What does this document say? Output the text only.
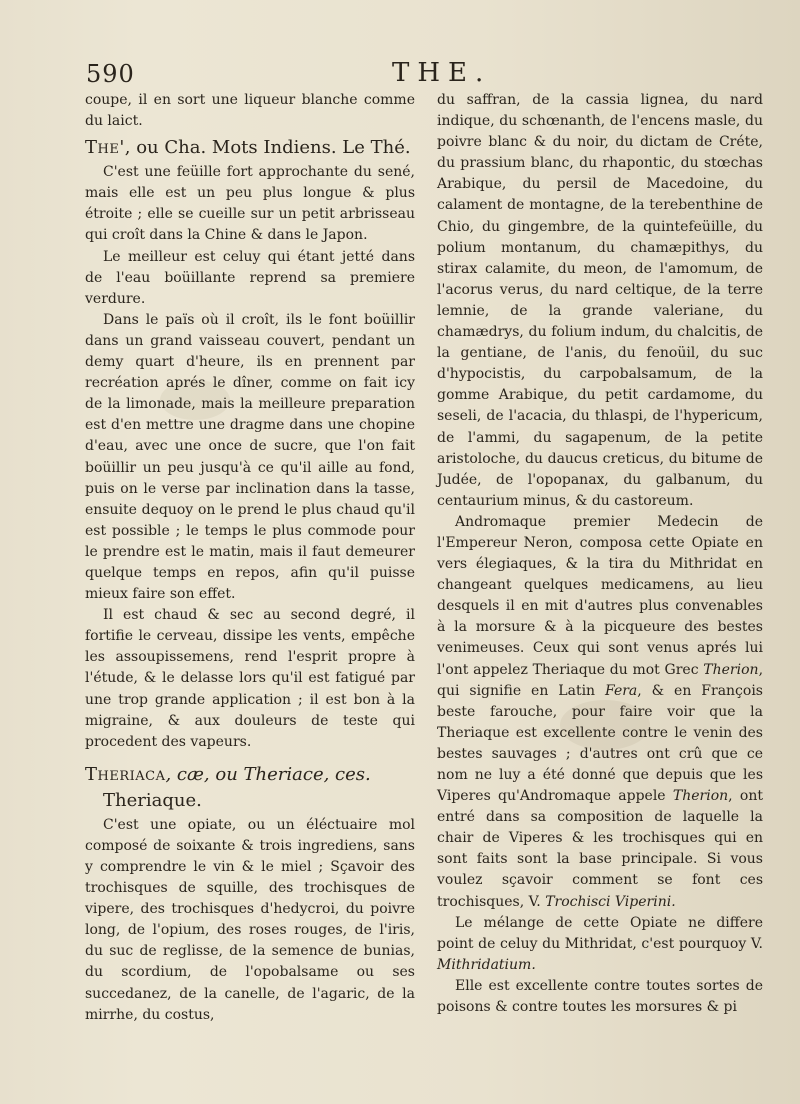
590	THE.

coupe, il en sort une liqueur blanche comme du laict.

The', ou Cha. Mots Indiens. Le Thé.

C'est une feüille fort approchante du sené, mais elle est un peu plus longue & plus étroite ; elle se cueille sur un petit arbrisseau qui croît dans la Chine & dans le Japon.

Le meilleur est celuy qui étant jetté dans de l'eau boüillante reprend sa premiere verdure.

Dans le païs où il croît, ils le font boüillir dans un grand vaisseau couvert, pendant un demy quart d'heure, ils en prennent par recréation aprés le dîner, comme on fait icy de la limonade, mais la meilleure preparation est d'en mettre une dragme dans une chopine d'eau, avec une once de sucre, que l'on fait boüillir un peu jusqu'à ce qu'il aille au fond, puis on le verse par inclination dans la tasse, ensuite dequoy on le prend le plus chaud qu'il est possible ; le temps le plus commode pour le prendre est le matin, mais il faut demeurer quelque temps en repos, afin qu'il puisse mieux faire son effet.

Il est chaud & sec au second degré, il fortifie le cerveau, dissipe les vents, empêche les assoupissemens, rend l'esprit propre à l'étude, & le delasse lors qu'il est fatigué par une trop grande application ; il est bon à la migraine, & aux douleurs de teste qui procedent des vapeurs.

Theriaca, cæ, ou Theriace, ces.

Theriaque.

C'est une opiate, ou un éléctuaire mol composé de soixante & trois ingrediens, sans y comprendre le vin & le miel ; Sçavoir des trochisques de squille, des trochisques de vipere, des trochisques d'hedycroi, du poivre long, de l'opium, des roses rouges, de l'iris, du suc de reglisse, de la semence de bunias, du scordium, de l'opobalsame ou ses succedanez, de la canelle, de l'agaric, de la mirrhe, du costus,

du saffran, de la cassia lignea, du nard indique, du schœnanth, de l'encens masle, du poivre blanc & du noir, du dictam de Créte, du prassium blanc, du rhapontic, du stœchas Arabique, du persil de Macedoine, du calament de montagne, de la terebenthine de Chio, du gingembre, de la quintefeüille, du polium montanum, du chamæpithys, du stirax calamite, du meon, de l'amomum, de l'acorus verus, du nard celtique, de la terre lemnie, de la grande valeriane, du chamædrys, du folium indum, du chalcitis, de la gentiane, de l'anis, du fenoüil, du suc d'hypocistis, du carpobalsamum, de la gomme Arabique, du petit cardamome, du seseli, de l'acacia, du thlaspi, de l'hypericum, de l'ammi, du sagapenum, de la petite aristoloche, du daucus creticus, du bitume de Judée, de l'opopanax, du galbanum, du centaurium minus, & du castoreum.

Andromaque premier Medecin de l'Empereur Neron, composa cette Opiate en vers élegiaques, & la tira du Mithridat en changeant quelques medicamens, au lieu desquels il en mit d'autres plus convenables à la morsure & à la picqueure des bestes venimeuses. Ceux qui sont venus aprés lui l'ont appelez Theriaque du mot Grec Therion, qui signifie en Latin Fera, & en François beste farouche, pour faire voir que la Theriaque est excellente contre le venin des bestes sauvages ; d'autres ont crû que ce nom ne luy a été donné que depuis que les Viperes qu'Andromaque appele Therion, ont entré dans sa composition de laquelle la chair de Viperes & les trochisques qui en sont faits sont la base principale. Si vous voulez sçavoir comment se font ces trochisques, V. Trochisci Viperini.

Le mélange de cette Opiate ne differe point de celuy du Mithridat, c'est pourquoy V. Mithridatium.

Elle est excellente contre toutes sortes de poisons & contre toutes les morsures & pi
